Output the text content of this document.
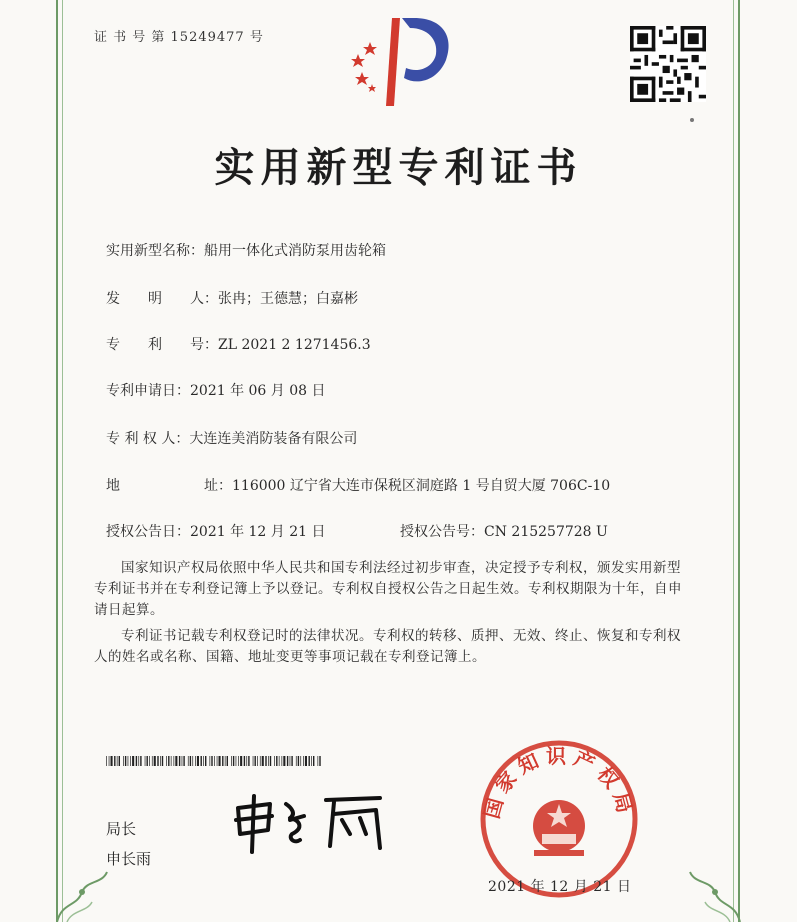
证 书 号 第 15249477 号
实用新型专利证书
实用新型名称：船用一体化式消防泵用齿轮箱
发　　明　　人：张冉；王德慧；白嘉彬
专　　利　　号：ZL 2021 2 1271456.3
专利申请日：2021 年 06 月 08 日
专 利 权 人：大连连美消防装备有限公司
地　　　　　　址：116000 辽宁省大连市保税区洞庭路 1 号自贸大厦 706C-10
授权公告日：2021 年 12 月 21 日	授权公告号：CN 215257728 U
国家知识产权局依照中华人民共和国专利法经过初步审查，决定授予专利权，颁发实用新型专利证书并在专利登记簿上予以登记。专利权自授权公告之日起生效。专利权期限为十年，自申请日起算。
专利证书记载专利权登记时的法律状况。专利权的转移、质押、无效、终止、恢复和专利权人的姓名或名称、国籍、地址变更等事项记载在专利登记簿上。
局长
申长雨
国家知识产权局
2021 年 12 月 21 日
